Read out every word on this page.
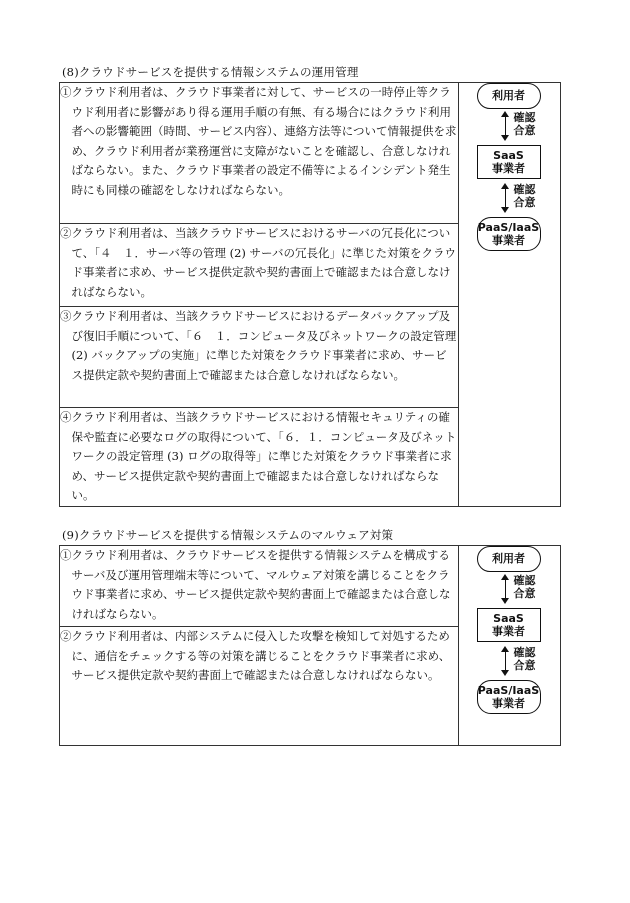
(8)クラウドサービスを提供する情報システムの運用管理
①クラウド利用者は、クラウド事業者に対して、サービスの一時停止等クラウド利用者に影響があり得る運用手順の有無、有る場合にはクラウド利用者への影響範囲（時間、サービス内容）、連絡方法等について情報提供を求め、クラウド利用者が業務運営に支障がないことを確認し、合意しなければならない。また、クラウド事業者の設定不備等によるインシデント発生時にも同様の確認をしなければならない。

利用者
確認
合意
SaaS
事業者
確認
合意
PaaS/IaaS
事業者

②クラウド利用者は、当該クラウドサービスにおけるサーバの冗長化について、「４　１．サーバ等の管理 (2) サーバの冗長化」に準じた対策をクラウド事業者に求め、サービス提供定款や契約書面上で確認または合意しなければならない。

③クラウド利用者は、当該クラウドサービスにおけるデータバックアップ及び復旧手順について、「６　１．コンピュータ及びネットワークの設定管理 (2) バックアップの実施」に準じた対策をクラウド事業者に求め、サービス提供定款や契約書面上で確認または合意しなければならない。

④クラウド利用者は、当該クラウドサービスにおける情報セキュリティの確保や監査に必要なログの取得について、「６．１．コンピュータ及びネットワークの設定管理 (3) ログの取得等」に準じた対策をクラウド事業者に求め、サービス提供定款や契約書面上で確認または合意しなければならない。
(9)クラウドサービスを提供する情報システムのマルウェア対策
①クラウド利用者は、クラウドサービスを提供する情報システムを構成するサーバ及び運用管理端末等について、マルウェア対策を講じることをクラウド事業者に求め、サービス提供定款や契約書面上で確認または合意しなければならない。

利用者
確認
合意
SaaS
事業者
確認
合意
PaaS/IaaS
事業者

②クラウド利用者は、内部システムに侵入した攻撃を検知して対処するために、通信をチェックする等の対策を講じることをクラウド事業者に求め、サービス提供定款や契約書面上で確認または合意しなければならない。
